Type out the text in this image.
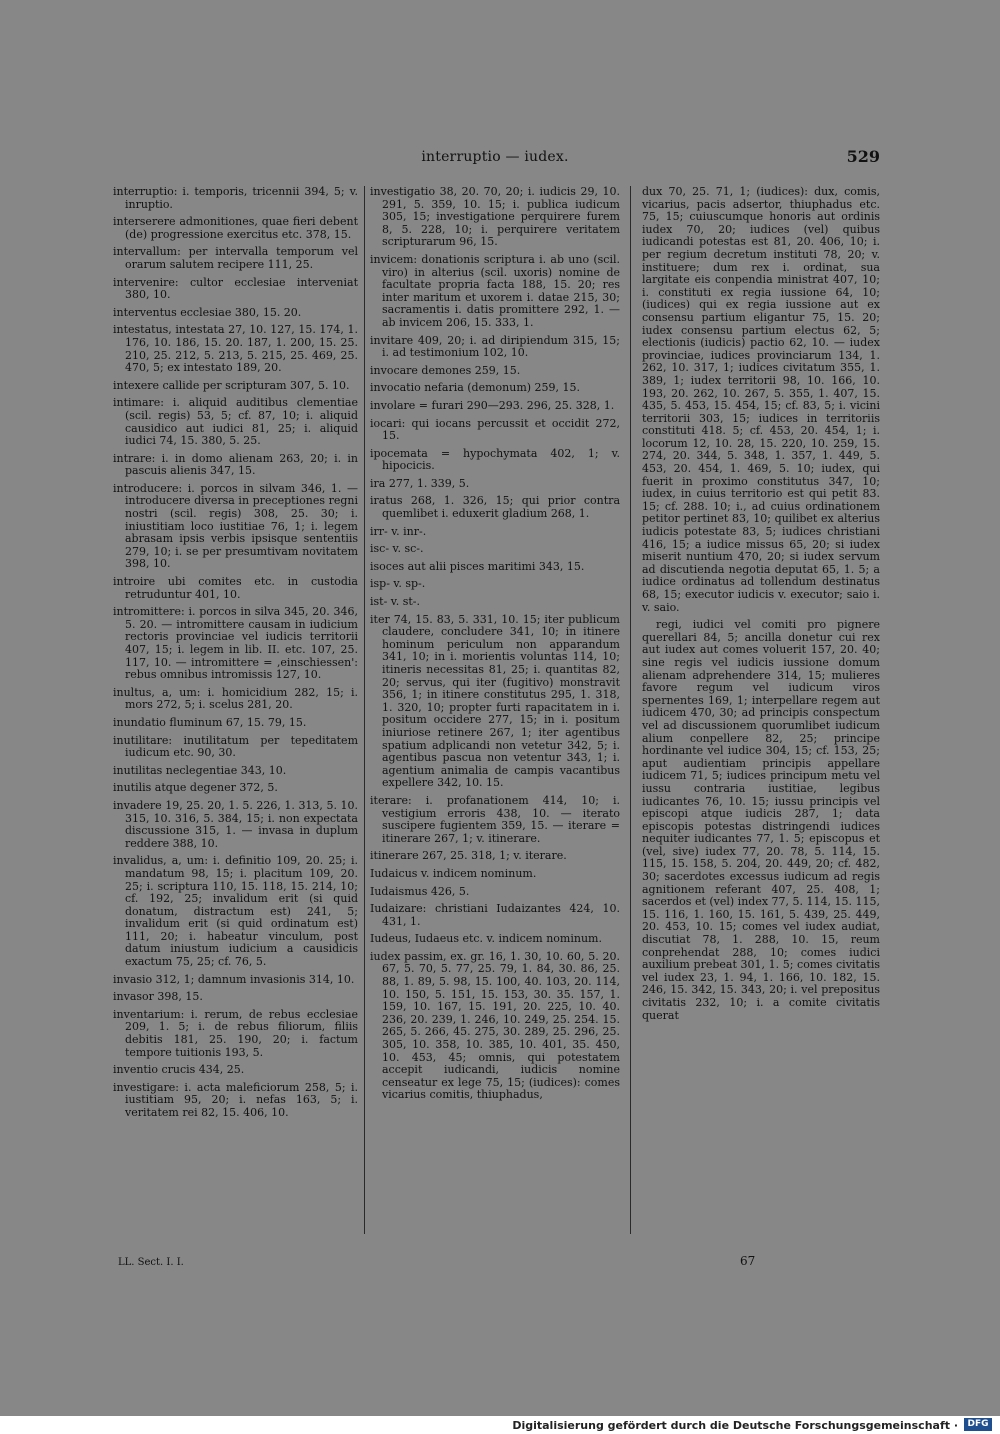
interruptio — iudex.	529

interruptio: i. temporis, tricennii 394, 5; v. inruptio.

interserere admonitiones, quae fieri debent (de) progressione exercitus etc. 378, 15.

intervallum: per intervalla temporum vel orarum salutem recipere 111, 25.

intervenire: cultor ecclesiae interveniat 380, 10.

interventus ecclesiae 380, 15. 20.

intestatus, intestata 27, 10. 127, 15. 174, 1. 176, 10. 186, 15. 20. 187, 1. 200, 15. 25. 210, 25. 212, 5. 213, 5. 215, 25. 469, 25. 470, 5; ex intestato 189, 20.

intexere callide per scripturam 307, 5. 10.

intimare: i. aliquid auditibus clementiae (scil. regis) 53, 5; cf. 87, 10; i. aliquid causidico aut iudici 81, 25; i. aliquid iudici 74, 15. 380, 5. 25.

intrare: i. in domo alienam 263, 20; i. in pascuis alienis 347, 15.

introducere: i. porcos in silvam 346, 1. — introducere diversa in preceptiones regni nostri (scil. regis) 308, 25. 30; i. iniustitiam loco iustitiae 76, 1; i. legem abrasam ipsis verbis ipsisque sententiis 279, 10; i. se per presumtivam novitatem 398, 10.

introire ubi comites etc. in custodia retruduntur 401, 10.

intromittere: i. porcos in silva 345, 20. 346, 5. 20. — intromittere causam in iudicium rectoris provinciae vel iudicis territorii 407, 15; i. legem in lib. II. etc. 107, 25. 117, 10. — intromittere = ‚einschiessen': rebus omnibus intromissis 127, 10.

inultus, a, um: i. homicidium 282, 15; i. mors 272, 5; i. scelus 281, 20.

inundatio fluminum 67, 15. 79, 15.

inutilitare: inutilitatum per tepeditatem iudicum etc. 90, 30.

inutilitas neclegentiae 343, 10.

inutilis atque degener 372, 5.

invadere 19, 25. 20, 1. 5. 226, 1. 313, 5. 10. 315, 10. 316, 5. 384, 15; i. non expectata discussione 315, 1. — invasa in duplum reddere 388, 10.

invalidus, a, um: i. definitio 109, 20. 25; i. mandatum 98, 15; i. placitum 109, 20. 25; i. scriptura 110, 15. 118, 15. 214, 10; cf. 192, 25; invalidum erit (si quid donatum, distractum est) 241, 5; invalidum erit (si quid ordinatum est) 111, 20; i. habeatur vinculum, post datum iniustum iudicium a causidicis exactum 75, 25; cf. 76, 5.

invasio 312, 1; damnum invasionis 314, 10.

invasor 398, 15.

inventarium: i. rerum, de rebus ecclesiae 209, 1. 5; i. de rebus filiorum, filiis debitis 181, 25. 190, 20; i. factum tempore tuitionis 193, 5.

inventio crucis 434, 25.

investigare: i. acta maleficiorum 258, 5; i. iustitiam 95, 20; i. nefas 163, 5; i. veritatem rei 82, 15. 406, 10.

investigatio 38, 20. 70, 20; i. iudicis 29, 10. 291, 5. 359, 10. 15; i. publica iudicum 305, 15; investigatione perquirere furem 8, 5. 228, 10; i. perquirere veritatem scripturarum 96, 15.

invicem: donationis scriptura i. ab uno (scil. viro) in alterius (scil. uxoris) nomine de facultate propria facta 188, 15. 20; res inter maritum et uxorem i. datae 215, 30; sacramentis i. datis promittere 292, 1. — ab invicem 206, 15. 333, 1.

invitare 409, 20; i. ad diripiendum 315, 15; i. ad testimonium 102, 10.

invocare demones 259, 15.

invocatio nefaria (demonum) 259, 15.

involare = furari 290—293. 296, 25. 328, 1.

iocari: qui iocans percussit et occidit 272, 15.

ipocemata = hypochymata 402, 1; v. hipocicis.

ira 277, 1. 339, 5.

iratus 268, 1. 326, 15; qui prior contra quemlibet i. eduxerit gladium 268, 1.

irr- v. inr-.

isc- v. sc-.

isoces aut alii pisces maritimi 343, 15.

isp- v. sp-.

ist- v. st-.

iter 74, 15. 83, 5. 331, 10. 15; iter publicum claudere, concludere 341, 10; in itinere hominum periculum non apparandum 341, 10; in i. morientis voluntas 114, 10; itineris necessitas 81, 25; i. quantitas 82, 20; servus, qui iter (fugitivo) monstravit 356, 1; in itinere constitutus 295, 1. 318, 1. 320, 10; propter furti rapacitatem in i. positum occidere 277, 15; in i. positum iniuriose retinere 267, 1; iter agentibus spatium adplicandi non vetetur 342, 5; i. agentibus pascua non vetentur 343, 1; i. agentium animalia de campis vacantibus expellere 342, 10. 15.

iterare: i. profanationem 414, 10; i. vestigium erroris 438, 10. — iterato suscipere fugientem 359, 15. — iterare = itinerare 267, 1; v. itinerare.

itinerare 267, 25. 318, 1; v. iterare.

Iudaicus v. indicem nominum.

Iudaismus 426, 5.

Iudaizare: christiani Iudaizantes 424, 10. 431, 1.

Iudeus, Iudaeus etc. v. indicem nominum.

iudex passim, ex. gr. 16, 1. 30, 10. 60, 5. 20. 67, 5. 70, 5. 77, 25. 79, 1. 84, 30. 86, 25. 88, 1. 89, 5. 98, 15. 100, 40. 103, 20. 114, 10. 150, 5. 151, 15. 153, 30. 35. 157, 1. 159, 10. 167, 15. 191, 20. 225, 10. 40. 236, 20. 239, 1. 246, 10. 249, 25. 254. 15. 265, 5. 266, 45. 275, 30. 289, 25. 296, 25. 305, 10. 358, 10. 385, 10. 401, 35. 450, 10. 453, 45; omnis, qui potestatem accepit iudicandi, iudicis nomine censeatur ex lege 75, 15; (iudices): comes vicarius comitis, thiuphadus,

dux 70, 25. 71, 1; (iudices): dux, comis, vicarius, pacis adsertor, thiuphadus etc. 75, 15; cuiuscumque honoris aut ordinis iudex 70, 20; iudices (vel) quibus iudicandi potestas est 81, 20. 406, 10; i. per regium decretum instituti 78, 20; v. instituere; dum rex i. ordinat, sua largitate eis conpendia ministrat 407, 10; i. constituti ex regia iussione 64, 10; (iudices) qui ex regia iussione aut ex consensu partium eligantur 75, 15. 20; iudex consensu partium electus 62, 5; electionis (iudicis) pactio 62, 10. — iudex provinciae, iudices provinciarum 134, 1. 262, 10. 317, 1; iudices civitatum 355, 1. 389, 1; iudex territorii 98, 10. 166, 10. 193, 20. 262, 10. 267, 5. 355, 1. 407, 15. 435, 5. 453, 15. 454, 15; cf. 83, 5; i. vicini territorii 303, 15; iudices in territoriis constituti 418. 5; cf. 453, 20. 454, 1; i. locorum 12, 10. 28, 15. 220, 10. 259, 15. 274, 20. 344, 5. 348, 1. 357, 1. 449, 5. 453, 20. 454, 1. 469, 5. 10; iudex, qui fuerit in proximo constitutus 347, 10; iudex, in cuius territorio est qui petit 83. 15; cf. 288. 10; i., ad cuius ordinationem petitor pertinet 83, 10; quilibet ex alterius iudicis potestate 83, 5; iudices christiani 416, 15; a iudice missus 65, 20; si iudex miserit nuntium 470, 20; si iudex servum ad discutienda negotia deputat 65, 1. 5; a iudice ordinatus ad tollendum destinatus 68, 15; executor iudicis v. executor; saio i. v. saio.

regi, iudici vel comiti pro pignere querellari 84, 5; ancilla donetur cui rex aut iudex aut comes voluerit 157, 20. 40; sine regis vel iudicis iussione domum alienam adprehendere 314, 15; mulieres favore regum vel iudicum viros spernentes 169, 1; interpellare regem aut iudicem 470, 30; ad principis conspectum vel ad discussionem quorumlibet iudicum alium conpellere 82, 25; principe hordinante vel iudice 304, 15; cf. 153, 25; aput audientiam principis appellare iudicem 71, 5; iudices principum metu vel iussu contraria iustitiae, legibus iudicantes 76, 10. 15; iussu principis vel episcopi atque iudicis 287, 1; data episcopis potestas distringendi iudices nequiter iudicantes 77, 1. 5; episcopus et (vel, sive) iudex 77, 20. 78, 5. 114, 15. 115, 15. 158, 5. 204, 20. 449, 20; cf. 482, 30; sacerdotes excessus iudicum ad regis agnitionem referant 407, 25. 408, 1; sacerdos et (vel) index 77, 5. 114, 15. 115, 15. 116, 1. 160, 15. 161, 5. 439, 25. 449, 20. 453, 10. 15; comes vel iudex audiat, discutiat 78, 1. 288, 10. 15, reum conprehendat 288, 10; comes iudici auxilium prebeat 301, 1. 5; comes civitatis vel iudex 23, 1. 94, 1. 166, 10. 182, 15. 246, 15. 342, 15. 343, 20; i. vel prepositus civitatis 232, 10; i. a comite civitatis querat

LL. Sect. I. I.	67
Digitalisierung gefördert durch die Deutsche Forschungsgemeinschaft ·	DFG
